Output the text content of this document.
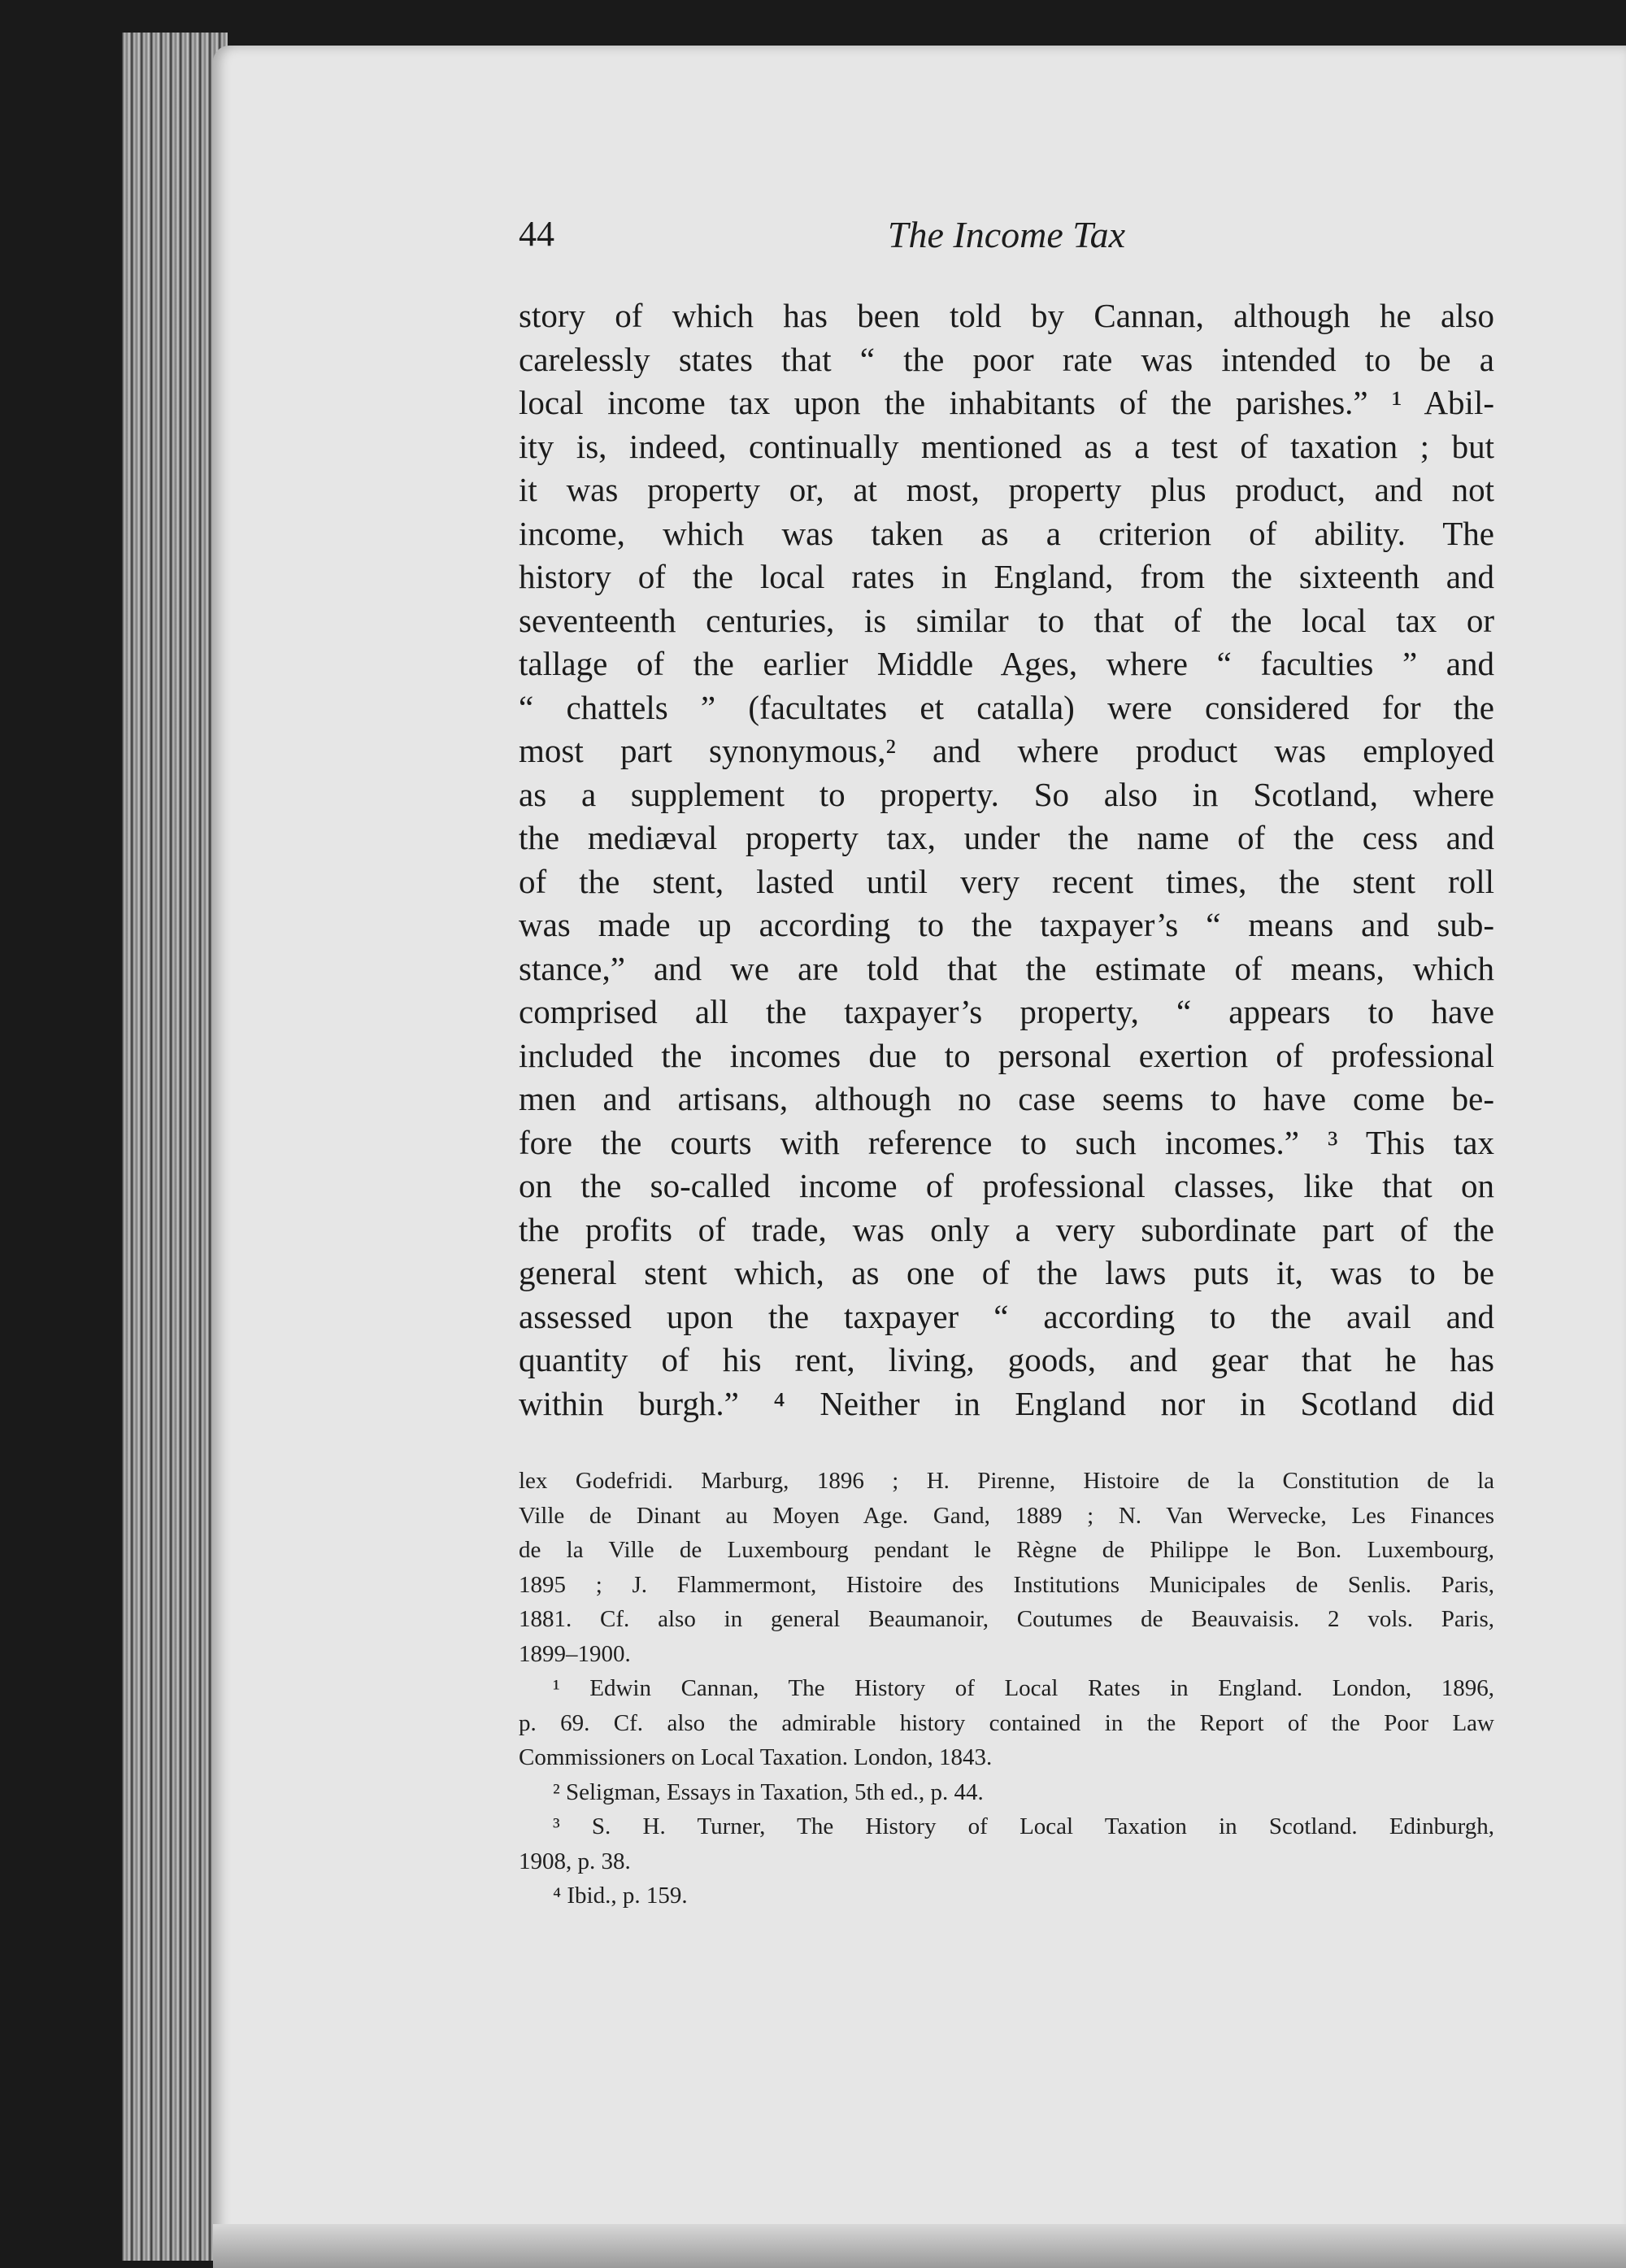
44	The Income Tax
story of which has been told by Cannan, although he also
carelessly states that “ the poor rate was intended to be a
local income tax upon the inhabitants of the parishes.” ¹ Abil-
ity is, indeed, continually mentioned as a test of taxation ; but
it was property or, at most, property plus product, and not
income, which was taken as a criterion of ability. The
history of the local rates in England, from the sixteenth and
seventeenth centuries, is similar to that of the local tax or
tallage of the earlier Middle Ages, where “ faculties ” and
“ chattels ” (facultates et catalla) were considered for the
most part synonymous,² and where product was employed
as a supplement to property. So also in Scotland, where
the mediæval property tax, under the name of the cess and
of the stent, lasted until very recent times, the stent roll
was made up according to the taxpayer’s “ means and sub-
stance,” and we are told that the estimate of means, which
comprised all the taxpayer’s property, “ appears to have
included the incomes due to personal exertion of professional
men and artisans, although no case seems to have come be-
fore the courts with reference to such incomes.” ³ This tax
on the so-called income of professional classes, like that on
the profits of trade, was only a very subordinate part of the
general stent which, as one of the laws puts it, was to be
assessed upon the taxpayer “ according to the avail and
quantity of his rent, living, goods, and gear that he has
within burgh.” ⁴ Neither in England nor in Scotland did
lex Godefridi. Marburg, 1896 ; H. Pirenne, Histoire de la Constitution de la
Ville de Dinant au Moyen Age. Gand, 1889 ; N. Van Wervecke, Les Finances
de la Ville de Luxembourg pendant le Règne de Philippe le Bon. Luxembourg,
1895 ; J. Flammermont, Histoire des Institutions Municipales de Senlis. Paris,
1881. Cf. also in general Beaumanoir, Coutumes de Beauvaisis. 2 vols. Paris,
1899–1900.
¹ Edwin Cannan, The History of Local Rates in England. London, 1896,
p. 69. Cf. also the admirable history contained in the Report of the Poor Law
Commissioners on Local Taxation. London, 1843.
² Seligman, Essays in Taxation, 5th ed., p. 44.
³ S. H. Turner, The History of Local Taxation in Scotland. Edinburgh,
1908, p. 38.
⁴ Ibid., p. 159.
